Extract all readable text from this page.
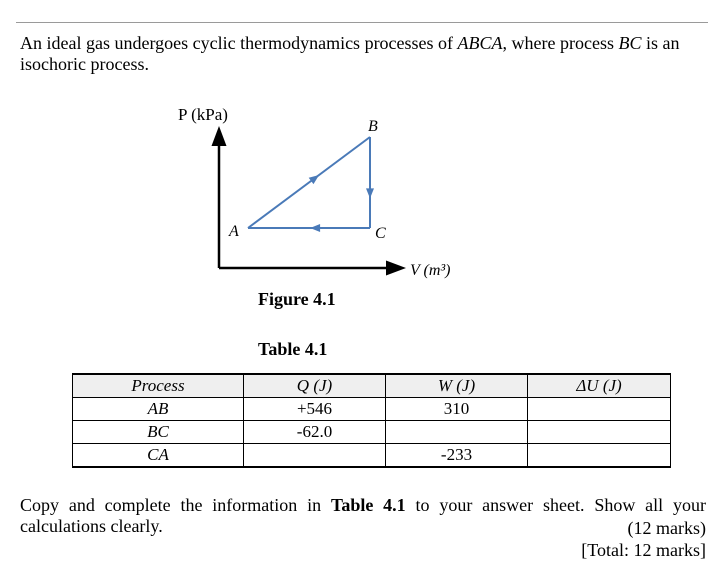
An ideal gas undergoes cyclic thermodynamics processes of ABCA, where process BC is an isochoric process.
P (kPa)
V (m³)
A
B
C
Figure 4.1
Table 4.1
Process	Q (J)	W (J)	ΔU (J)
AB	+546	310	
BC	-62.0		
CA		-233	
Copy and complete the information in Table 4.1 to your answer sheet. Show all your calculations clearly.	(12 marks)
[Total: 12 marks]
